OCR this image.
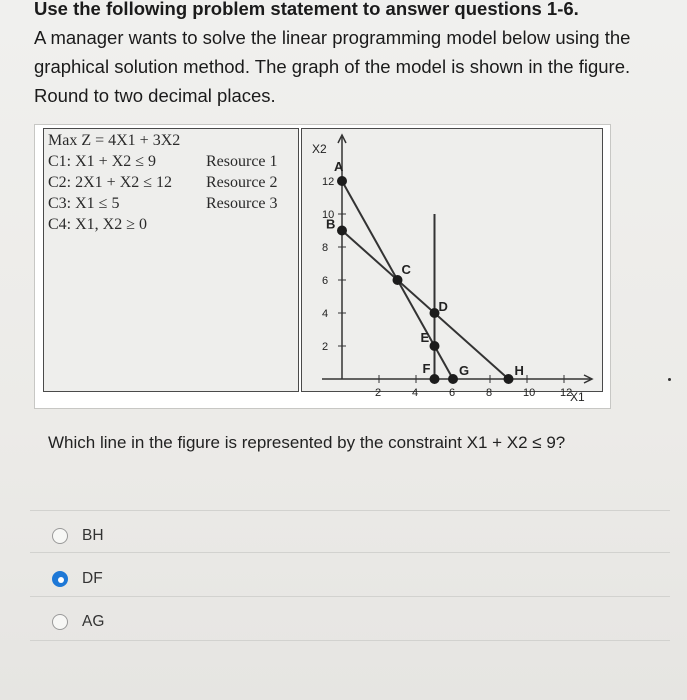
Use the following problem statement to answer questions 1-6.
A manager wants to solve the linear programming model below using the graphical solution method. The graph of the model is shown in the figure. Round to two decimal places.
Max Z = 4X1 + 3X2
C1: X1 + X2 ≤ 9	Resource 1
C2: 2X1 + X2 ≤ 12 Resource 2
C3: X1 ≤ 5	Resource 3
C4: X1, X2 ≥ 0
X2
X1
2	4	6	8	10 12
2
4
6
8
10
12
A
B
C
D
E
F G	H
Which line in the figure is represented by the constraint X1 + X2 ≤ 9?
BH
DF
AG
